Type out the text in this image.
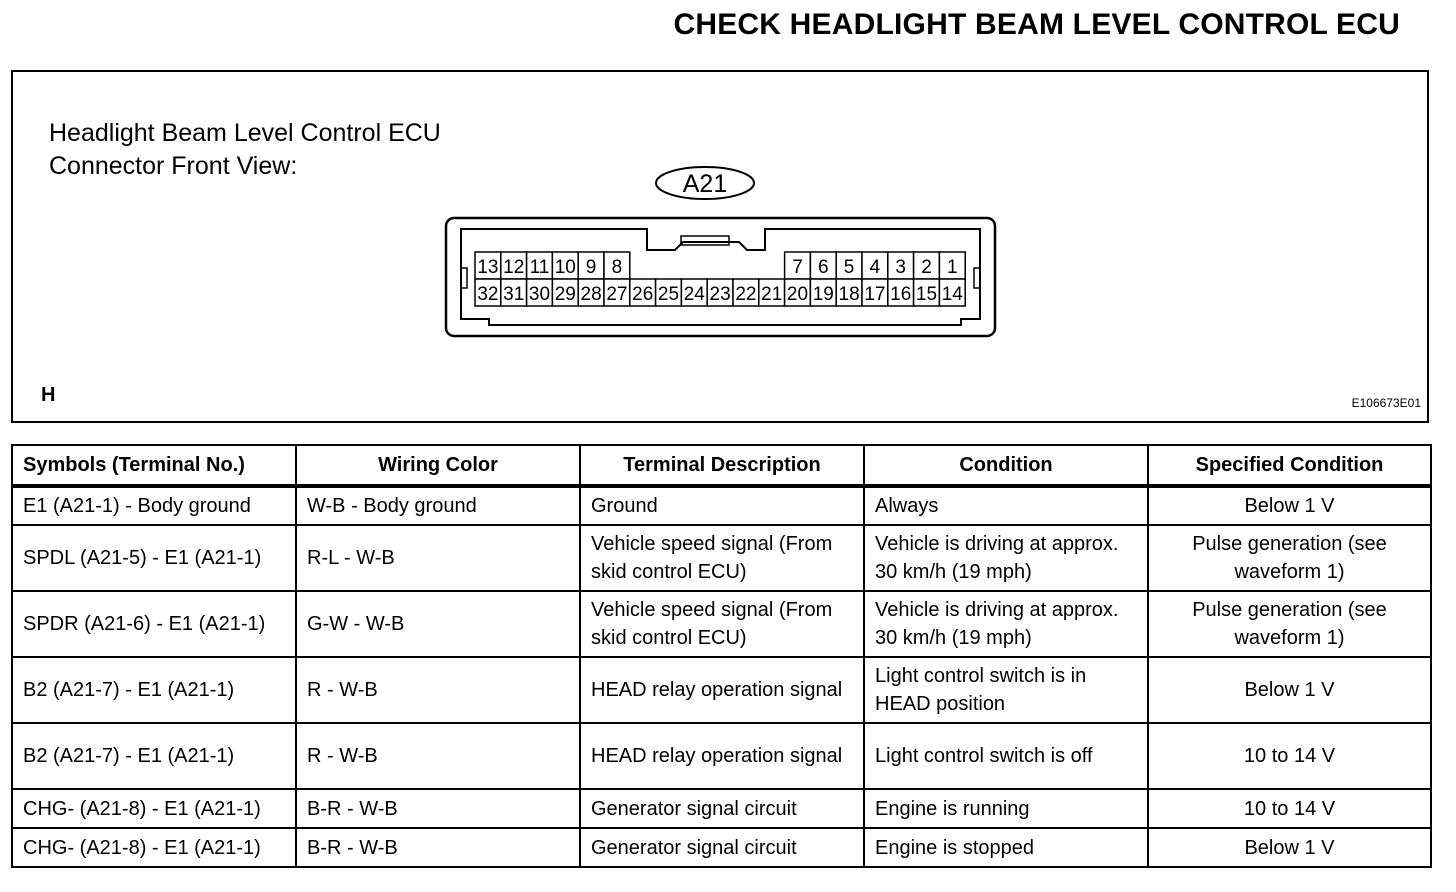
CHECK HEADLIGHT BEAM LEVEL CONTROL ECU
Headlight Beam Level Control ECU
Connector Front View:
A21
13 12 11 10 9 8	7 6 5 4 3 2 1
32 31 30 29 28 27 26 25 24 23 22 21 20 19 18 17 16 15 14
H	E106673E01
Symbols (Terminal No.)	Wiring Color	Terminal Description	Condition	Specified Condition
E1 (A21-1) - Body ground	W-B - Body ground	Ground	Always	Below 1 V
SPDL (A21-5) - E1 (A21-1)	R-L - W-B	Vehicle speed signal (From skid control ECU)	Vehicle is driving at approx. 30 km/h (19 mph)	Pulse generation (see waveform 1)
SPDR (A21-6) - E1 (A21-1)	G-W - W-B	Vehicle speed signal (From skid control ECU)	Vehicle is driving at approx. 30 km/h (19 mph)	Pulse generation (see waveform 1)
B2 (A21-7) - E1 (A21-1)	R - W-B	HEAD relay operation signal	Light control switch is in HEAD position	Below 1 V
B2 (A21-7) - E1 (A21-1)	R - W-B	HEAD relay operation signal	Light control switch is off	10 to 14 V
CHG- (A21-8) - E1 (A21-1)	B-R - W-B	Generator signal circuit	Engine is running	10 to 14 V
CHG- (A21-8) - E1 (A21-1)	B-R - W-B	Generator signal circuit	Engine is stopped	Below 1 V
